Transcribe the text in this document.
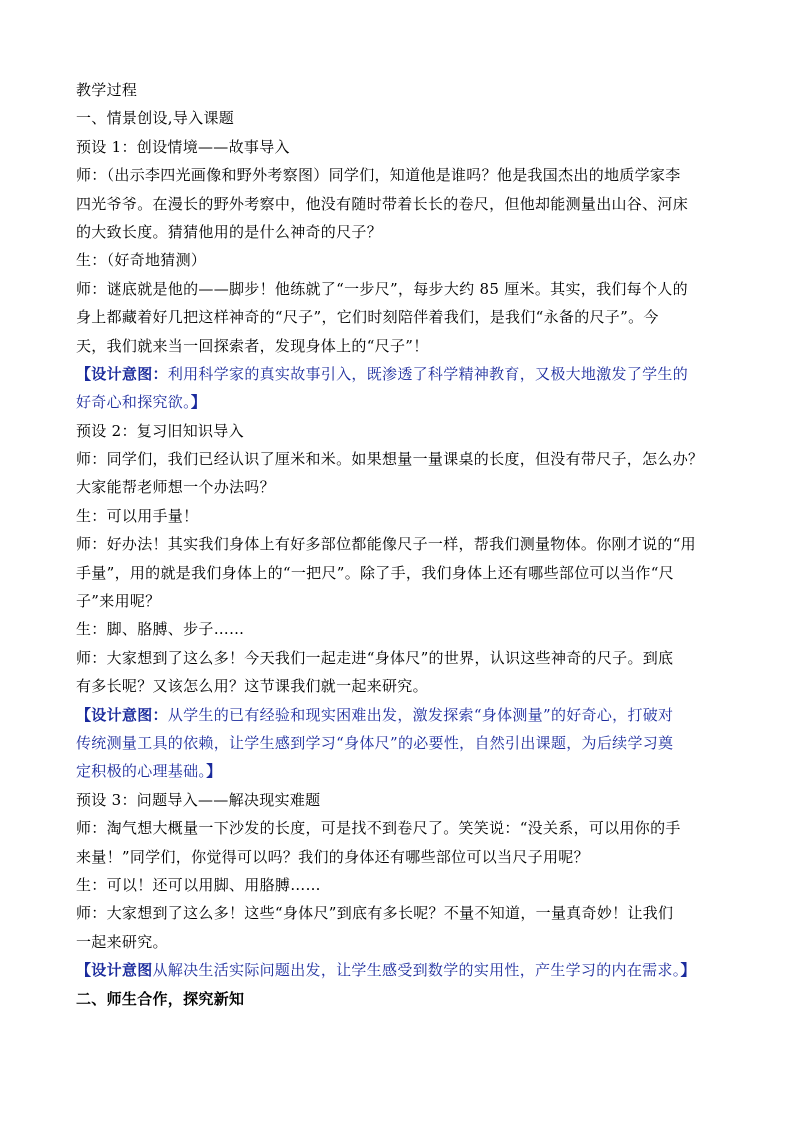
教学过程
一、情景创设,导入课题
预设 1：创设情境——故事导入
师：（出示李四光画像和野外考察图）同学们，知道他是谁吗？他是我国杰出的地质学家李
四光爷爷。在漫长的野外考察中，他没有随时带着长长的卷尺，但他却能测量出山谷、河床
的大致长度。猜猜他用的是什么神奇的尺子？
生：（好奇地猜测）
师：谜底就是他的——脚步！他练就了“一步尺”，每步大约 85 厘米。其实，我们每个人的
身上都藏着好几把这样神奇的“尺子”，它们时刻陪伴着我们，是我们“永备的尺子”。今
天，我们就来当一回探索者，发现身体上的“尺子”！
【设计意图：利用科学家的真实故事引入，既渗透了科学精神教育，又极大地激发了学生的
好奇心和探究欲。】
预设 2：复习旧知识导入
师：同学们，我们已经认识了厘米和米。如果想量一量课桌的长度，但没有带尺子，怎么办？
大家能帮老师想一个办法吗？
生：可以用手量！
师：好办法！其实我们身体上有好多部位都能像尺子一样，帮我们测量物体。你刚才说的“用
手量”，用的就是我们身体上的“一把尺”。除了手，我们身体上还有哪些部位可以当作“尺
子”来用呢？
生：脚、胳膊、步子……
师：大家想到了这么多！今天我们一起走进“身体尺”的世界，认识这些神奇的尺子。到底
有多长呢？又该怎么用？这节课我们就一起来研究。
【设计意图：从学生的已有经验和现实困难出发，激发探索“身体测量”的好奇心，打破对
传统测量工具的依赖，让学生感到学习“身体尺”的必要性，自然引出课题，为后续学习奠
定积极的心理基础。】
预设 3：问题导入——解决现实难题
师：淘气想大概量一下沙发的长度，可是找不到卷尺了。笑笑说：“没关系，可以用你的手
来量！”同学们，你觉得可以吗？我们的身体还有哪些部位可以当尺子用呢？
生：可以！还可以用脚、用胳膊……
师：大家想到了这么多！这些“身体尺”到底有多长呢？不量不知道，一量真奇妙！让我们
一起来研究。
【设计意图从解决生活实际问题出发，让学生感受到数学的实用性，产生学习的内在需求。】
二、师生合作，探究新知
